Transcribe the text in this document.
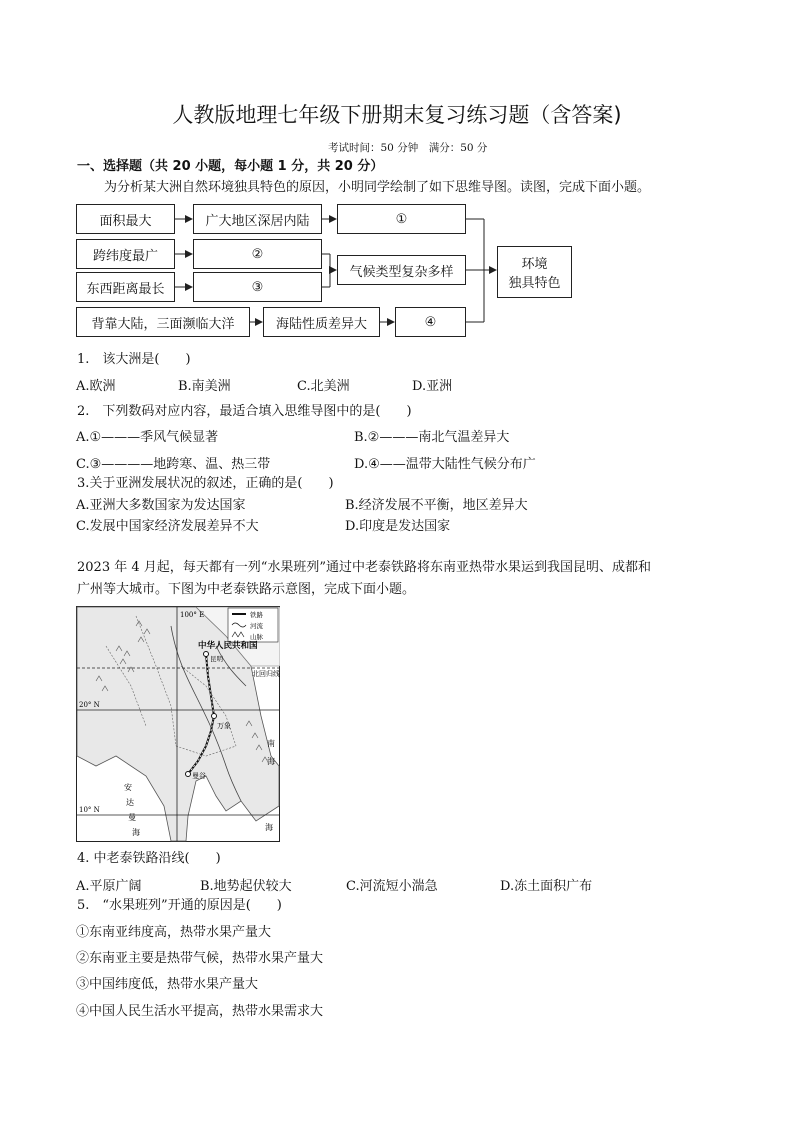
人教版地理七年级下册期末复习练习题（含答案)
考试时间：50 分钟　满分：50 分
一、选择题（共 20 小题，每小题 1 分，共 20 分）
为分析某大洲自然环境独具特色的原因，小明同学绘制了如下思维导图。读图，完成下面小题。
面积最大	广大地区深居内陆	①
跨纬度最广	②
东西距离最长	③
气候类型复杂多样
背靠大陆，三面濒临大洋	海陆性质差异大	④
环境
独具特色
1.　该大洲是(　　)
A.欧洲	B.南美洲	C.北美洲	D.亚洲
2.　下列数码对应内容，最适合填入思维导图中的是(　　)
A.①———季风气候显著	B.②———南北气温差异大
C.③————地跨寒、温、热三带	D.④——温带大陆性气候分布广
3.关于亚洲发展状况的叙述，正确的是(　　)
A.亚洲大多数国家为发达国家	B.经济发展不平衡，地区差异大
C.发展中国家经济发展差异不大	D.印度是发达国家
2023 年 4 月起，每天都有一列“水果班列”通过中老泰铁路将东南亚热带水果运到我国昆明、成都和
广州等大城市。下图为中老泰铁路示意图，完成下面小题。
100° E
20° N
10° N
铁路
河流
山脉
中华人民共和国
昆明
北回归线
万象
曼谷
安
达
曼
海
南
海
海
4. 中老泰铁路沿线(　　)
A.平原广阔	B.地势起伏较大	C.河流短小湍急	D.冻土面积广布
5.　“水果班列”开通的原因是(　　)
①东南亚纬度高，热带水果产量大
②东南亚主要是热带气候，热带水果产量大
③中国纬度低，热带水果产量大
④中国人民生活水平提高，热带水果需求大
